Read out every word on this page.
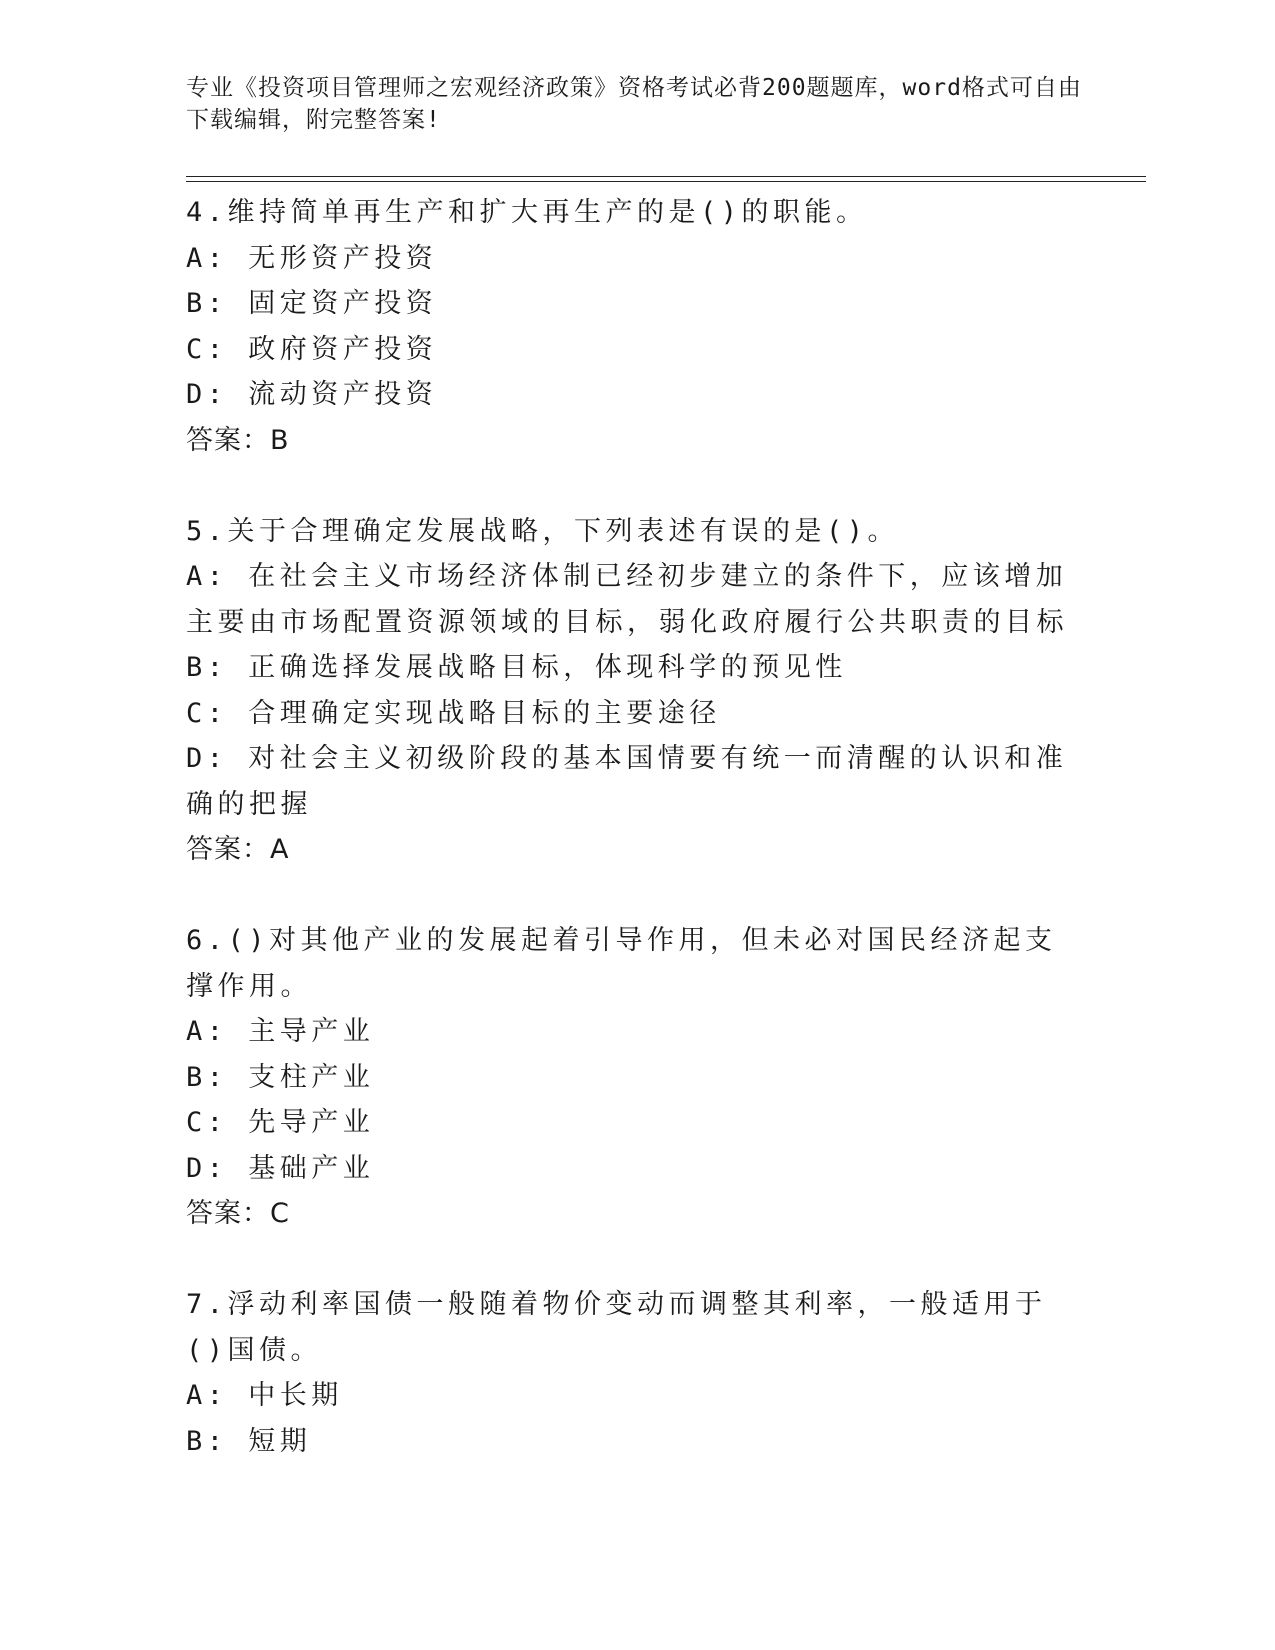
专业《投资项目管理师之宏观经济政策》资格考试必背200题题库，word格式可自由下载编辑，附完整答案!
4.维持简单再生产和扩大再生产的是()的职能。
A: 无形资产投资
B: 固定资产投资
C: 政府资产投资
D: 流动资产投资
答案：B
5.关于合理确定发展战略，下列表述有误的是()。
A: 在社会主义市场经济体制已经初步建立的条件下，应该增加主要由市场配置资源领域的目标，弱化政府履行公共职责的目标
B: 正确选择发展战略目标，体现科学的预见性
C: 合理确定实现战略目标的主要途径
D: 对社会主义初级阶段的基本国情要有统一而清醒的认识和准确的把握
答案：A
6.()对其他产业的发展起着引导作用，但未必对国民经济起支撑作用。
A: 主导产业
B: 支柱产业
C: 先导产业
D: 基础产业
答案：C
7.浮动利率国债一般随着物价变动而调整其利率，一般适用于()国债。
A: 中长期
B: 短期
